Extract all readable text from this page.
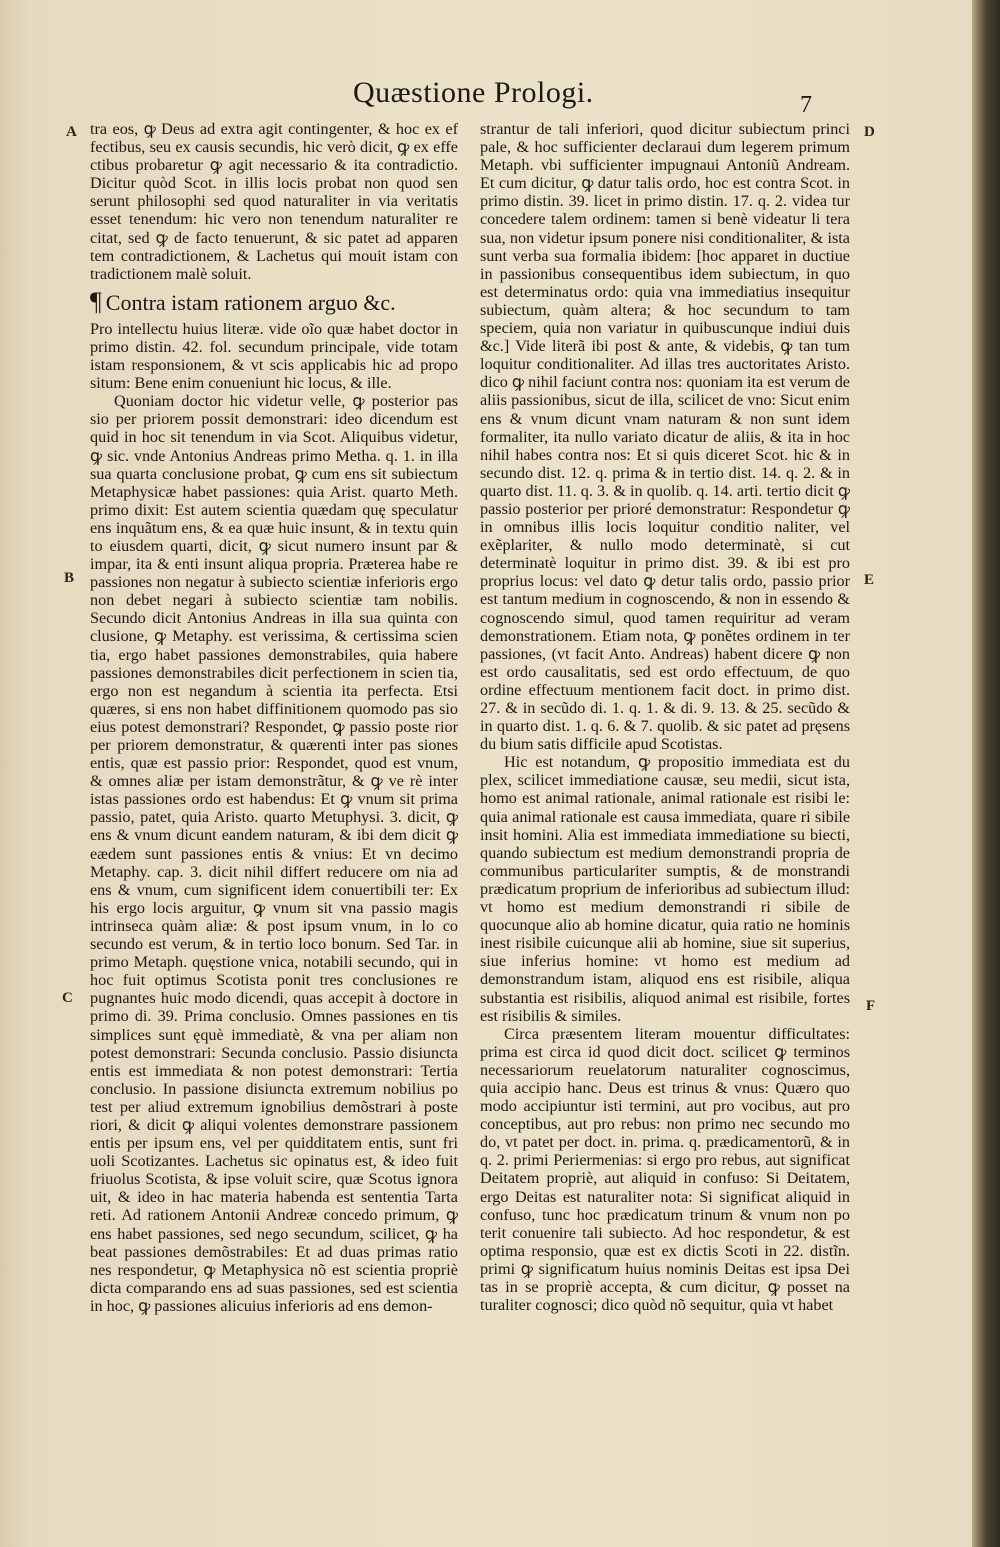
Quæstione Prologi.	7
A
B
C
D
E
F

tra eos, ꝙ Deus ad extra agit contingenter, & hoc ex ef fectibus, seu ex causis secundis, hic verò dicit, ꝙ ex effe ctibus probaretur ꝙ agit necessario & ita contradictio. Dicitur quòd Scot. in illis locis probat non quod sen serunt philosophi sed quod naturaliter in via veritatis esset tenendum: hic vero non tenendum naturaliter re citat, sed ꝙ de facto tenuerunt, & sic patet ad apparen tem contradictionem, & Lachetus qui mouit istam con tradictionem malè soluit.

¶ Contra istam rationem arguo &c.

Pro intellectu huius literæ. vide oĩo quæ habet doctor in primo distin. 42. fol. secundum principale, vide totam istam responsionem, & vt scis applicabis hic ad propo situm: Bene enim conueniunt hic locus, & ille.

Quoniam doctor hic videtur velle, ꝙ posterior pas sio per priorem possit demonstrari: ideo dicendum est quid in hoc sit tenendum in via Scot. Aliquibus videtur, ꝙ sic. vnde Antonius Andreas primo Metha. q. 1. in illa sua quarta conclusione probat, ꝙ cum ens sit subiectum Metaphysicæ habet passiones: quia Arist. quarto Meth. primo dixit: Est autem scientia quædam quę speculatur ens inquãtum ens, & ea quæ huic insunt, & in textu quin to eiusdem quarti, dicit, ꝙ sicut numero insunt par & impar, ita & enti insunt aliqua propria. Præterea habe re passiones non negatur à subiecto scientiæ inferioris ergo non debet negari à subiecto scientiæ tam nobilis. Secundo dicit Antonius Andreas in illa sua quinta con clusione, ꝙ Metaphy. est verissima, & certissima scien tia, ergo habet passiones demonstrabiles, quia habere passiones demonstrabiles dicit perfectionem in scien tia, ergo non est negandum à scientia ita perfecta. Etsi quæres, si ens non habet diffinitionem quomodo pas sio eius potest demonstrari? Respondet, ꝙ passio poste rior per priorem demonstratur, & quærenti inter pas siones entis, quæ est passio prior: Respondet, quod est vnum, & omnes aliæ per istam demonstrãtur, & ꝙ ve rè inter istas passiones ordo est habendus: Et ꝙ vnum sit prima passio, patet, quia Aristo. quarto Metuphysi. 3. dicit, ꝙ ens & vnum dicunt eandem naturam, & ibi dem dicit ꝙ eædem sunt passiones entis & vnius: Et vn decimo Metaphy. cap. 3. dicit nihil differt reducere om nia ad ens & vnum, cum significent idem conuertibili ter: Ex his ergo locis arguitur, ꝙ vnum sit vna passio magis intrinseca quàm aliæ: & post ipsum vnum, in lo co secundo est verum, & in tertio loco bonum. Sed Tar. in primo Metaph. quęstione vnica, notabili secundo, qui in hoc fuit optimus Scotista ponit tres conclusiones re pugnantes huic modo dicendi, quas accepit à doctore in primo di. 39. Prima conclusio. Omnes passiones en tis simplices sunt ęquè immediatè, & vna per aliam non potest demonstrari: Secunda conclusio. Passio disiuncta entis est immediata & non potest demonstrari: Tertia conclusio. In passione disiuncta extremum nobilius po test per aliud extremum ignobilius demõstrari à poste riori, & dicit ꝙ aliqui volentes demonstrare passionem entis per ipsum ens, vel per quidditatem entis, sunt fri uoli Scotizantes. Lachetus sic opinatus est, & ideo fuit friuolus Scotista, & ipse voluit scire, quæ Scotus ignora uit, & ideo in hac materia habenda est sententia Tarta reti. Ad rationem Antonii Andreæ concedo primum, ꝙ ens habet passiones, sed nego secundum, scilicet, ꝙ ha beat passiones demõstrabiles: Et ad duas primas ratio nes respondetur, ꝙ Metaphysica nõ est scientia propriè dicta comparando ens ad suas passiones, sed est scientia in hoc, ꝙ passiones alicuius inferioris ad ens demon-

strantur de tali inferiori, quod dicitur subiectum princi pale, & hoc sufficienter declaraui dum legerem primum Metaph. vbi sufficienter impugnaui Antoniũ Andream. Et cum dicitur, ꝙ datur talis ordo, hoc est contra Scot. in primo distin. 39. licet in primo distin. 17. q. 2. videa tur concedere talem ordinem: tamen si benè videatur li tera sua, non videtur ipsum ponere nisi conditionaliter, & ista sunt verba sua formalia ibidem: [hoc apparet in ductiue in passionibus consequentibus idem subiectum, in quo est determinatus ordo: quia vna immediatius insequitur subiectum, quàm altera; & hoc secundum to tam speciem, quia non variatur in quibuscunque indiui duis &c.] Vide literã ibi post & ante, & videbis, ꝙ tan tum loquitur conditionaliter. Ad illas tres auctoritates Aristo. dico ꝙ nihil faciunt contra nos: quoniam ita est verum de aliis passionibus, sicut de illa, scilicet de vno: Sicut enim ens & vnum dicunt vnam naturam & non sunt idem formaliter, ita nullo variato dicatur de aliis, & ita in hoc nihil habes contra nos: Et si quis diceret Scot. hic & in secundo dist. 12. q. prima & in tertio dist. 14. q. 2. & in quarto dist. 11. q. 3. & in quolib. q. 14. arti. tertio dicit ꝙ passio posterior per prioré demonstratur: Respondetur ꝙ in omnibus illis locis loquitur conditio naliter, vel exẽplariter, & nullo modo determinatè, si cut determinatè loquitur in primo dist. 39. & ibi est pro proprius locus: vel dato ꝙ detur talis ordo, passio prior est tantum medium in cognoscendo, & non in essendo & cognoscendo simul, quod tamen requiritur ad veram demonstrationem. Etiam nota, ꝙ ponẽtes ordinem in ter passiones, (vt facit Anto. Andreas) habent dicere ꝙ non est ordo causalitatis, sed est ordo effectuum, de quo ordine effectuum mentionem facit doct. in primo dist. 27. & in secũdo di. 1. q. 1. & di. 9. 13. & 25. secũdo & in quarto dist. 1. q. 6. & 7. quolib. & sic patet ad pręsens du bium satis difficile apud Scotistas.

Hic est notandum, ꝙ propositio immediata est du plex, scilicet immediatione causæ, seu medii, sicut ista, homo est animal rationale, animal rationale est risibi le: quia animal rationale est causa immediata, quare ri sibile insit homini. Alia est immediata immediatione su biecti, quando subiectum est medium demonstrandi propria de communibus particulariter sumptis, & de monstrandi prædicatum proprium de inferioribus ad subiectum illud: vt homo est medium demonstrandi ri sibile de quocunque alio ab homine dicatur, quia ratio ne hominis inest risibile cuicunque alii ab homine, siue sit superius, siue inferius homine: vt homo est medium ad demonstrandum istam, aliquod ens est risibile, aliqua substantia est risibilis, aliquod animal est risibile, fortes est risibilis & similes.

Circa præsentem literam mouentur difficultates: prima est circa id quod dicit doct. scilicet ꝙ terminos necessariorum reuelatorum naturaliter cognoscimus, quia accipio hanc. Deus est trinus & vnus: Quæro quo modo accipiuntur isti termini, aut pro vocibus, aut pro conceptibus, aut pro rebus: non primo nec secundo mo do, vt patet per doct. in. prima. q. prædicamentorũ, & in q. 2. primi Periermenias: si ergo pro rebus, aut significat Deitatem propriè, aut aliquid in confuso: Si Deitatem, ergo Deitas est naturaliter nota: Si significat aliquid in confuso, tunc hoc prædicatum trinum & vnum non po terit conuenire tali subiecto. Ad hoc respondetur, & est optima responsio, quæ est ex dictis Scoti in 22. distĩn. primi ꝙ significatum huius nominis Deitas est ipsa Dei tas in se propriè accepta, & cum dicitur, ꝙ posset na turaliter cognosci; dico quòd nõ sequitur, quia vt habet
